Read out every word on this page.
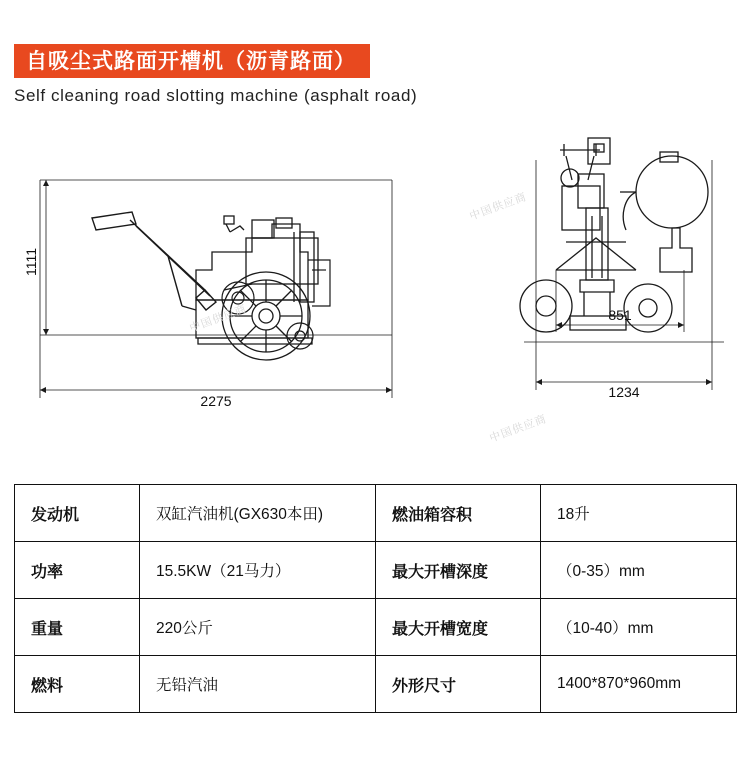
自吸尘式路面开槽机（沥青路面）
Self cleaning road slotting machine (asphalt road)
1111
2275
851
1234
中国供应商
中国供应商
中国供应商
发动机	双缸汽油机(GX630本田)	燃油箱容积	18升
功率	15.5KW（21马力）	最大开槽深度	（0-35）mm
重量	220公斤	最大开槽宽度	（10-40）mm
燃料	无铅汽油	外形尺寸	1400*870*960mm
